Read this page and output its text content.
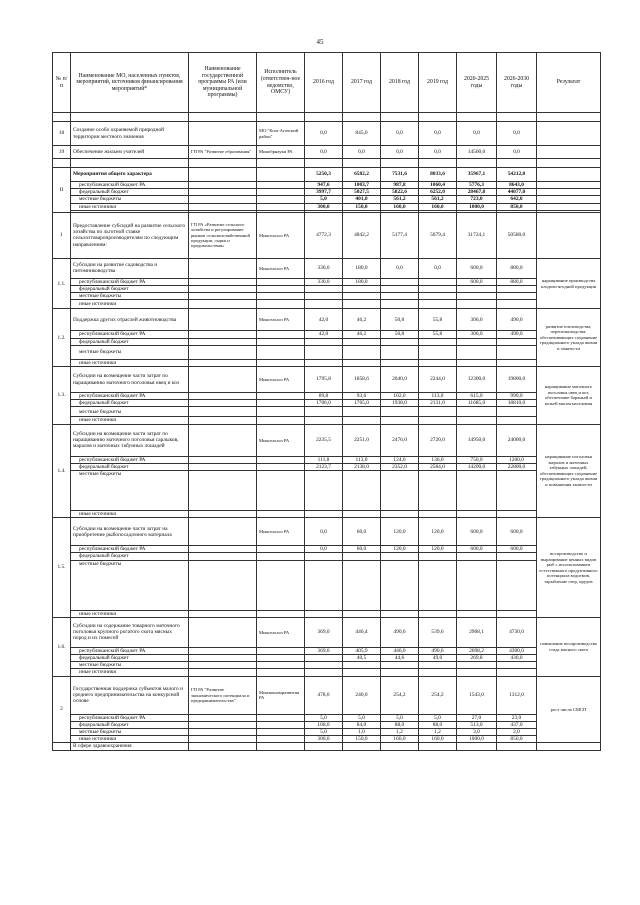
45
№ п/п	Наименование МО, населенных пунктов, мероприятий, источников финансирования мероприятий*	Наименование государственной программы РА (или муниципальной программы)	Исполнитель (ответствен-ное ведомство, ОМСУ)	2016 год	2017 год	2018 год	2019 год	2020-2025 годы	2026-2030 годы	Результат

18	Создание особо охраняемой природной территории местного значения		МО "Кош-Агачский район"	0,0	845,0	0,0	0,0	0,0	0,0	
19	Обеспечение жильем учителей	ГП РА "Развитие образования"	Минобрнауки РА	0,0	0,0	0,0	0,0	14500,0	0,0	

II	Мероприятия общего характера			5250,3	6582,2	7531,6	8033,6	35967,1	54212,0	
	республиканский бюджет РА			947,6	1003,7	987,8	1060,4	5776,3	8643,0	
	федеральный бюджет			3997,7	5027,5	5822,6	6252,0	28467,8	44077,0	
	местные бюджеты			5,0	401,0	561,2	561,2	723,0	642,0	
	иные источники			300,0	150,0	160,0	160,0	1000,0	850,0	

1	Предоставление субсидий на развитие сельского хозяйства по льготной ставке сельхозтоваропроизводителям по следующим направлениям:	ГП РА «Развитие сельского хозяйства и регулирование рынков сельскохозяйственной продукции, сырья и продовольствия»	Минсельхоз РА	4772,3	4842,2	5177,4	5679,4	31724,1	50580,0	
1.1.	Субсидии на развитие садоводства и питомниководства		Минсельхоз РА	330,0	180,0	0,0	0,0	600,0	880,0	наращивание производства плодово-ягодной продукции
	республиканский бюджет РА			330,0	180,0			600,0	880,0	
	федеральный бюджет									
	местные бюджеты									
	иные источники									
1.2.	Поддержка других отраслей животноводства		Минсельхоз РА	42,0	46,2	50,8	55,8	306,0	490,0	развитие пчеловодства, перепелководства, обеспечивающих сохранение традиционного уклада жизни и занятости
	республиканский бюджет РА			42,0	46,2	50,8	55,8	306,0	490,0	
	федеральный бюджет									
	местные бюджеты									
	иные источники									
1.3.	Субсидии на возмещение части затрат по наращиванию маточного поголовья овец и коз		Минсельхоз РА	1795,8	1858,6	2040,0	2244,0	12300,0	19800,0	наращивание маточного поголовья овец и коз, обеспечение бараньей и козьей мясом населения
	республиканский бюджет РА			89,8	93,6	102,0	113,0	615,0	990,0	
	федеральный бюджет			1706,0	1765,0	1938,0	2131,0	11685,0	18810,0	
	местные бюджеты									
	иные источники									
1.4.	Субсидии на возмещение части затрат по наращиванию маточного поголовья сарлыков, маралов и маточных табунных лошадей		Минсельхоз РА	2235,5	2251,0	2476,0	2720,0	14950,0	24000,0	наращивание поголовья маралов и маточных табунных лошадей, обеспечивающих сохранение традиционного уклада жизни и повышения занятости
	республиканский бюджет РА			111,8	113,0	124,0	136,0	750,0	1200,0	
	федеральный бюджет			2123,7	2138,0	2352,0	2584,0	14200,0	22800,0	
	местные бюджеты									
	иные источники									
1.5.	Субсидии на возмещение части затрат на приобретение рыбопосадочного материала		Минсельхоз РА	0,0	60,0	120,0	120,0	600,0	600,0	воспроизводство и выращивание ценных видов рыб с использованием естественного продуктивного потенциала водоемов, зарыбление озер, прудов
	республиканский бюджет РА			0,0	60,0	120,0	120,0	600,0	600,0	
	федеральный бюджет									
	местные бюджеты									
	иные источники									
1.6.	Субсидии на содержание товарного маточного поголовья крупного рогатого скота мясных пород и их помесей		Минсельхоз РА	369,0	446,4	490,6	539,6	2968,1	4730,0	повышение воспроизводства стада мясного скота
	республиканский бюджет РА			369,0	405,9	446,0	490,6	2698,2	4300,0	
	федеральный бюджет				40,5	44,6	49,0	269,8	430,0	
	местные бюджеты									
	иные источники									
2	Государственная поддержка субъектов малого и среднего предпринимательства на конкурсной основе	ГП РА "Развитие экономического потенциала и предпринимательства"	Минэкономразвития РА	478,0	240,0	254,2	254,2	1543,0	1312,0	рост числа СМСП
	республиканский бюджет РА			5,0	5,0	5,0	5,0	27,0	23,0	
	федеральный бюджет			168,0	84,0	88,0	88,0	513,0	437,0	
	местные бюджеты			5,0	1,0	1,2	1,2	3,0	2,0	
	иные источники			300,0	150,0	160,0	160,0	1000,0	850,0	
	В сфере здравоохранения									
